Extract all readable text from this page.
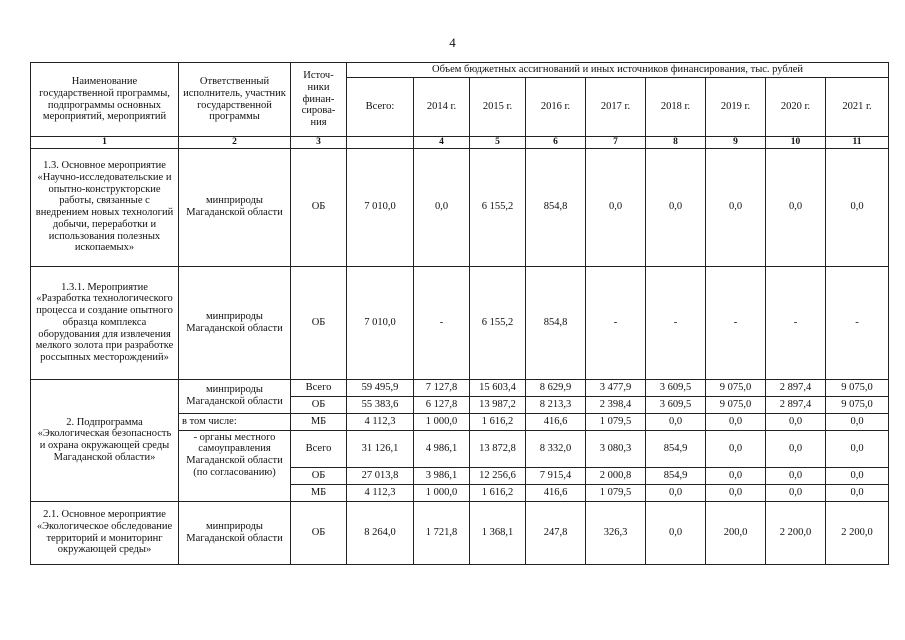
4
Наименование государственной программы, подпрограммы основных мероприятий, мероприятий	Ответственный исполнитель, участник государственной программы	Источ-ники финан-сирова-ния	Объем бюджетных ассигнований и иных источников финансирования, тыс. рублей								
			Всего:	2014 г.	2015 г.	2016 г.	2017 г.	2018 г.	2019 г.	2020 г.	2021 г.
1	2	3		4	5	6	7	8	9	10	11
1.3. Основное мероприятие «Научно-исследовательские и опытно-конструкторские работы, связанные с внедрением новых технологий добычи, переработки и использования полезных ископаемых»	минприроды Магаданской области	ОБ	7 010,0	0,0	6 155,2	854,8	0,0	0,0	0,0	0,0	0,0
1.3.1. Мероприятие «Разработка технологического процесса и создание опытного образца комплекса оборудования для извлечения мелкого золота при разработке россыпных месторождений»	минприроды Магаданской области	ОБ	7 010,0	-	6 155,2	854,8	-	-	-	-	-
2. Подпрограмма «Экологическая безопасность и охрана окружающей среды Магаданской области»	минприроды Магаданской области	Всего	59 495,9	7 127,8	15 603,4	8 629,9	3 477,9	3 609,5	9 075,0	2 897,4	9 075,0
		ОБ	55 383,6	6 127,8	13 987,2	8 213,3	2 398,4	3 609,5	9 075,0	2 897,4	9 075,0
	в том числе:	МБ	4 112,3	1 000,0	1 616,2	416,6	1 079,5	0,0	0,0	0,0	0,0
	- органы местного самоуправления Магаданской области (по согласованию)	Всего	31 126,1	4 986,1	13 872,8	8 332,0	3 080,3	854,9	0,0	0,0	0,0
		ОБ	27 013,8	3 986,1	12 256,6	7 915,4	2 000,8	854,9	0,0	0,0	0,0
		МБ	4 112,3	1 000,0	1 616,2	416,6	1 079,5	0,0	0,0	0,0	0,0
2.1. Основное мероприятие «Экологическое обследование территорий и мониторинг окружающей среды»	минприроды Магаданской области	ОБ	8 264,0	1 721,8	1 368,1	247,8	326,3	0,0	200,0	2 200,0	2 200,0
